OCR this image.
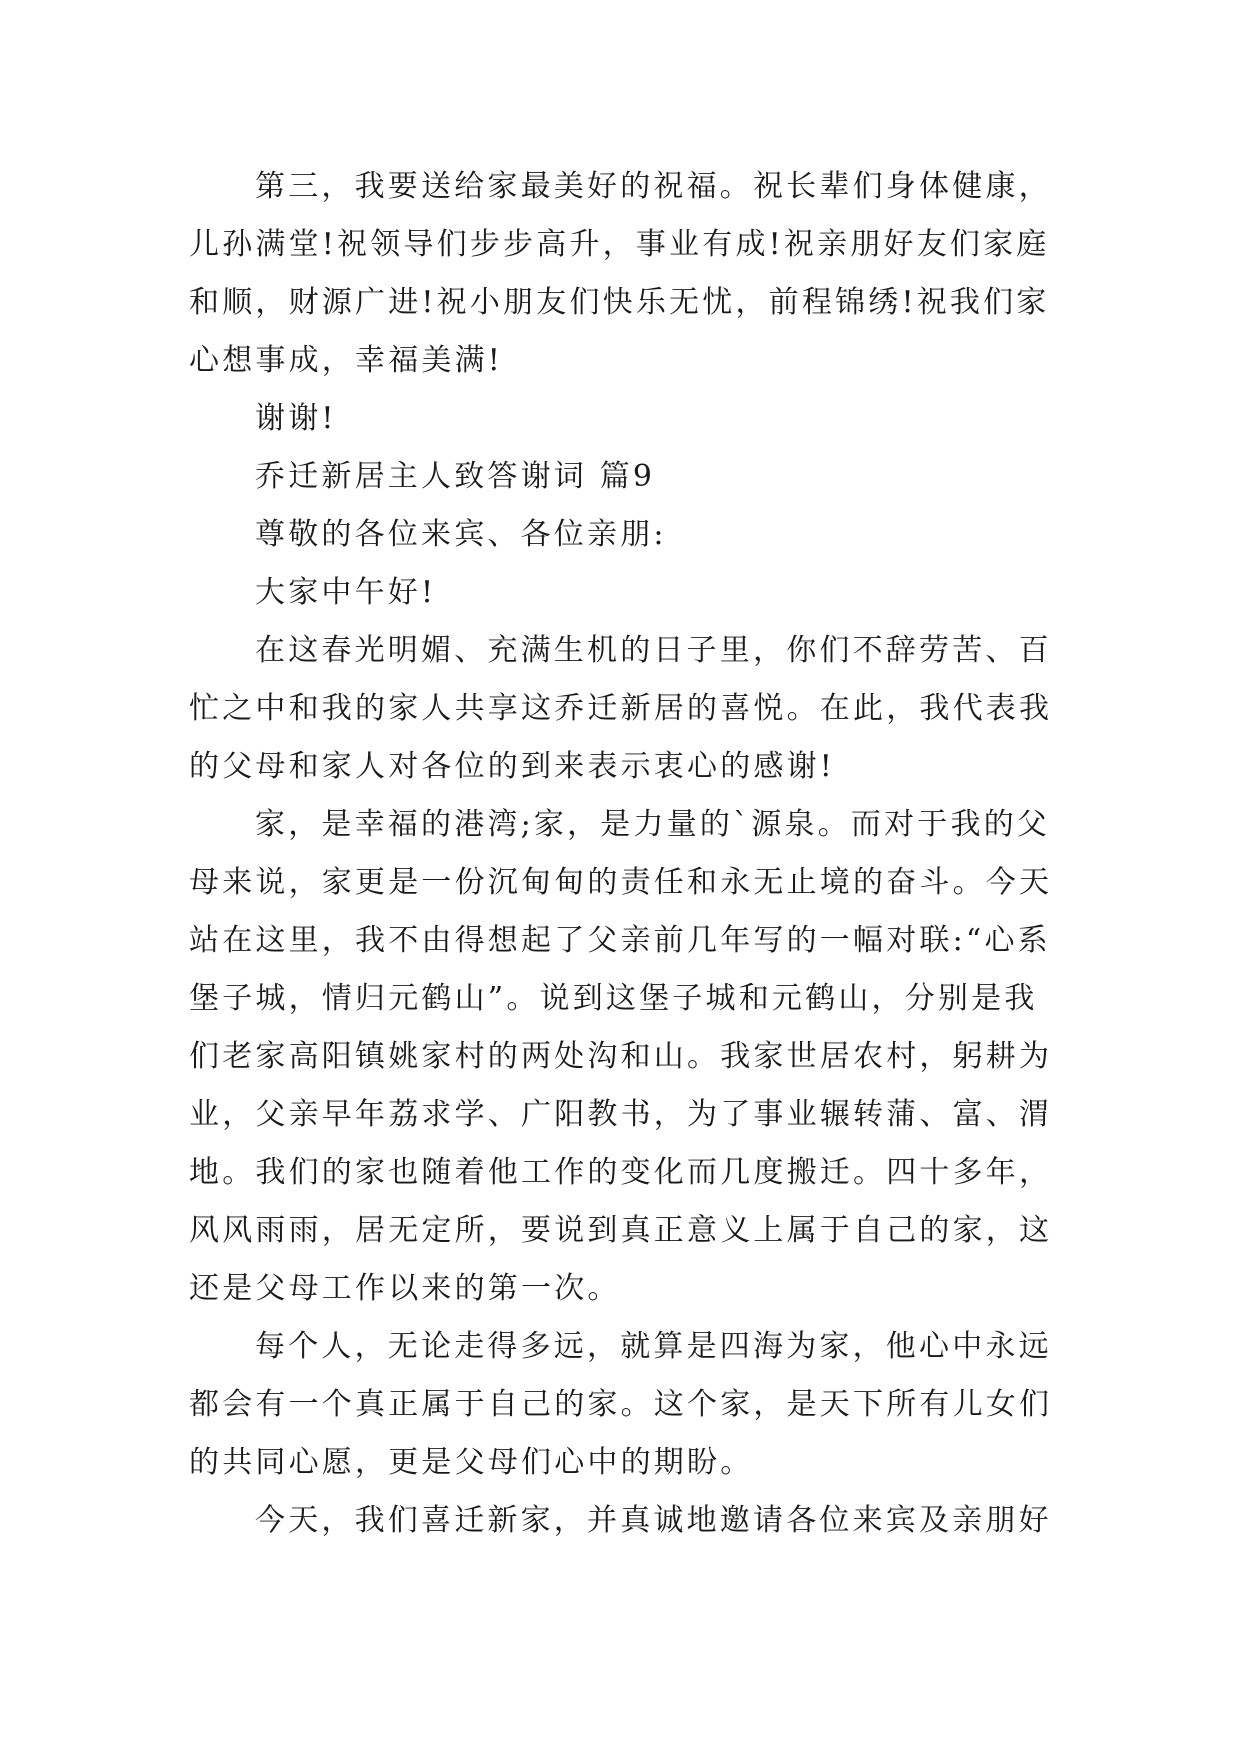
第三，我要送给家最美好的祝福。祝长辈们身体健康，儿孙满堂!祝领导们步步高升，事业有成!祝亲朋好友们家庭和顺，财源广进!祝小朋友们快乐无忧，前程锦绣!祝我们家心想事成，幸福美满!

谢谢!

乔迁新居主人致答谢词 篇9

尊敬的各位来宾、各位亲朋:

大家中午好!

在这春光明媚、充满生机的日子里，你们不辞劳苦、百忙之中和我的家人共享这乔迁新居的喜悦。在此，我代表我的父母和家人对各位的到来表示衷心的感谢!

家，是幸福的港湾;家，是力量的`源泉。而对于我的父母来说，家更是一份沉甸甸的责任和永无止境的奋斗。今天站在这里，我不由得想起了父亲前几年写的一幅对联:“心系堡子城，情归元鹤山”。说到这堡子城和元鹤山，分别是我们老家高阳镇姚家村的两处沟和山。我家世居农村，躬耕为业，父亲早年荔求学、广阳教书，为了事业辗转蒲、富、渭地。我们的家也随着他工作的变化而几度搬迁。四十多年，风风雨雨，居无定所，要说到真正意义上属于自己的家，这还是父母工作以来的第一次。

每个人，无论走得多远，就算是四海为家，他心中永远都会有一个真正属于自己的家。这个家，是天下所有儿女们的共同心愿，更是父母们心中的期盼。

今天，我们喜迁新家，并真诚地邀请各位来宾及亲朋好
